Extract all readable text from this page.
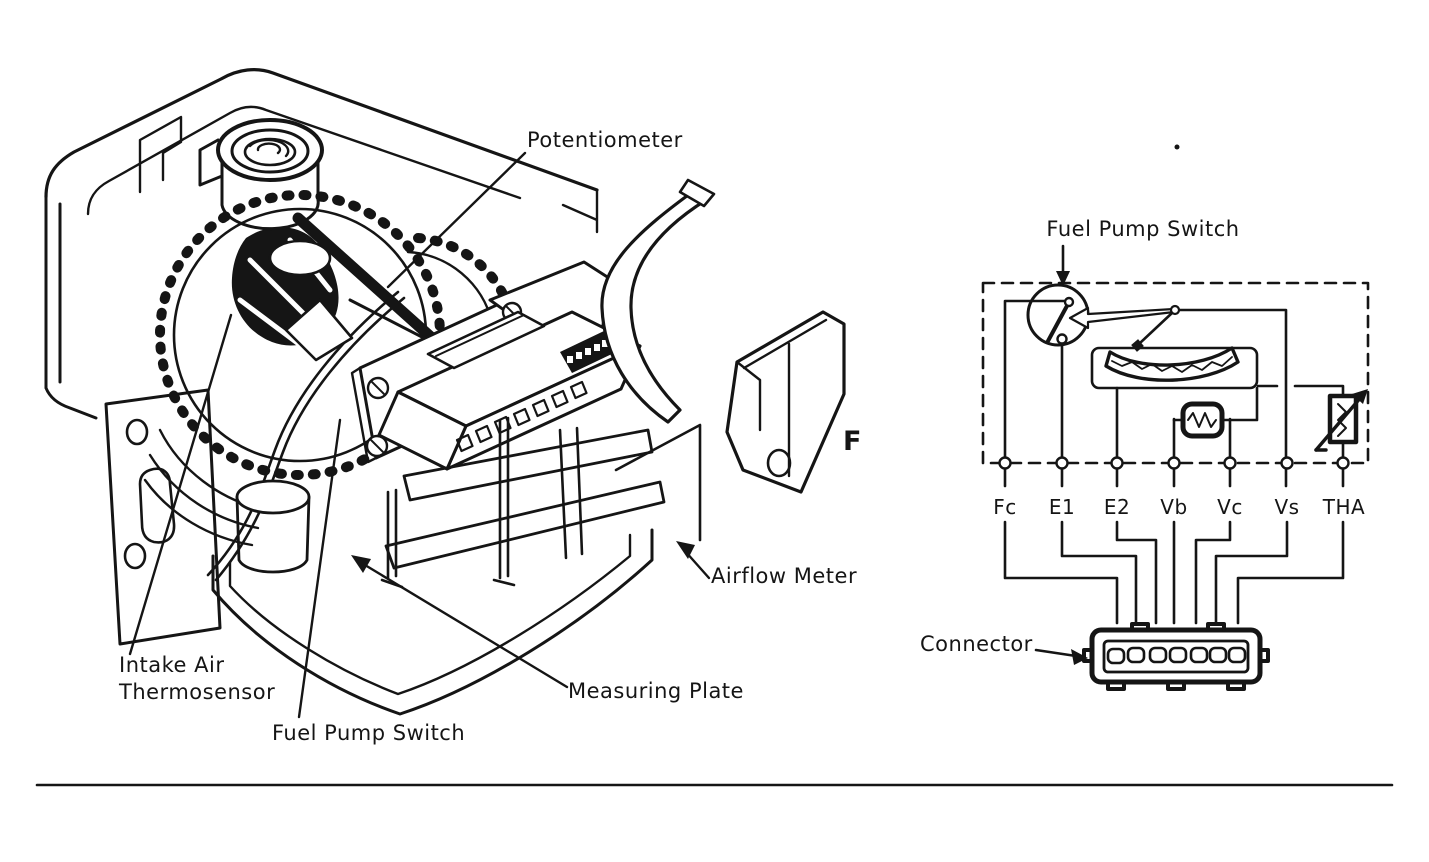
Potentiometer
Intake Air
Thermosensor
Fuel Pump Switch
Measuring Plate
Airflow Meter
F
Fc E1 E2 Vb Vc Vs THA
Fuel Pump Switch
Connector
